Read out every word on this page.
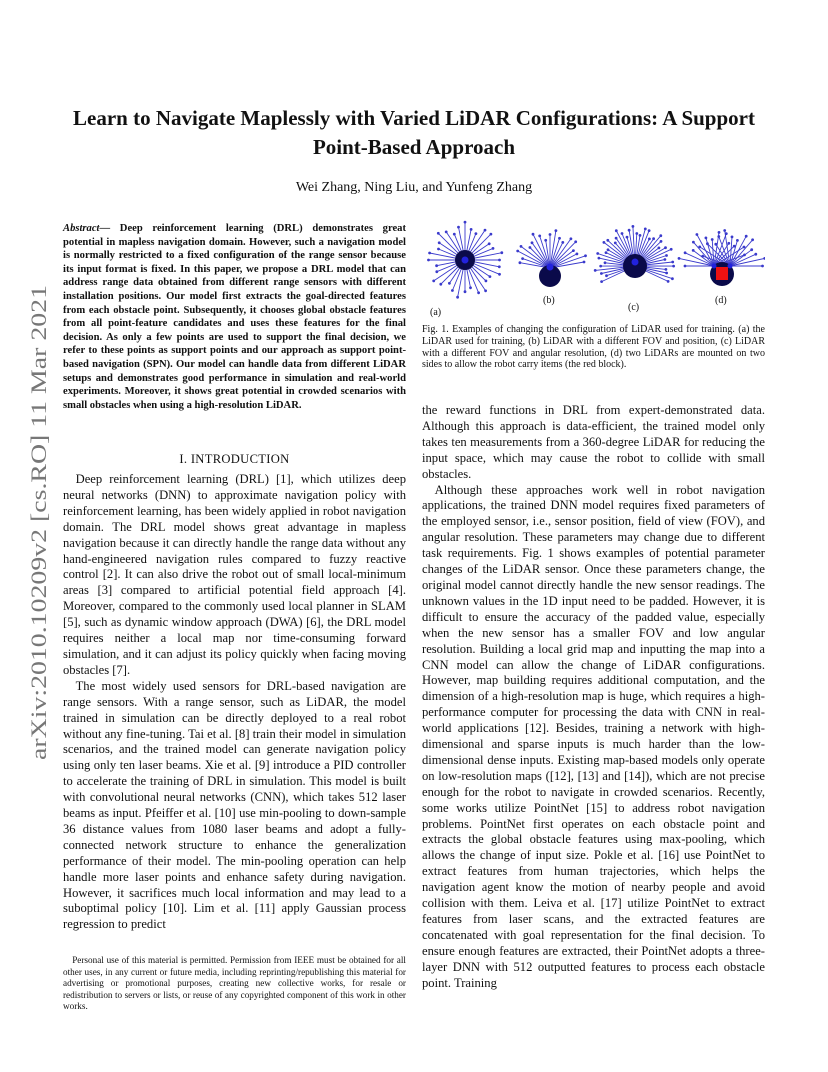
arXiv:2010.10209v2 [cs.RO] 11 Mar 2021
Learn to Navigate Maplessly with Varied LiDAR Configurations: A Support Point-Based Approach
Wei Zhang, Ning Liu, and Yunfeng Zhang
Abstract— Deep reinforcement learning (DRL) demonstrates great potential in mapless navigation domain. However, such a navigation model is normally restricted to a fixed configuration of the range sensor because its input format is fixed. In this paper, we propose a DRL model that can address range data obtained from different range sensors with different installation positions. Our model first extracts the goal-directed features from each obstacle point. Subsequently, it chooses global obstacle features from all point-feature candidates and uses these features for the final decision. As only a few points are used to support the final decision, we refer to these points as support points and our approach as support point-based navigation (SPN). Our model can handle data from different LiDAR setups and demonstrates good performance in simulation and real-world experiments. Moreover, it shows great potential in crowded scenarios with small obstacles when using a high-resolution LiDAR.
I. INTRODUCTION

Deep reinforcement learning (DRL) [1], which utilizes deep neural networks (DNN) to approximate navigation policy with reinforcement learning, has been widely applied in robot navigation domain. The DRL model shows great advantage in mapless navigation because it can directly handle the range data without any hand-engineered navigation rules compared to fuzzy reactive control [2]. It can also drive the robot out of small local-minimum areas [3] compared to artificial potential field approach [4]. Moreover, compared to the commonly used local planner in SLAM [5], such as dynamic window approach (DWA) [6], the DRL model requires neither a local map nor time-consuming forward simulation, and it can adjust its policy quickly when facing moving obstacles [7].

The most widely used sensors for DRL-based navigation are range sensors. With a range sensor, such as LiDAR, the model trained in simulation can be directly deployed to a real robot without any fine-tuning. Tai et al. [8] train their model in simulation scenarios, and the trained model can generate navigation policy using only ten laser beams. Xie et al. [9] introduce a PID controller to accelerate the training of DRL in simulation. This model is built with convolutional neural networks (CNN), which takes 512 laser beams as input. Pfeiffer et al. [10] use min-pooling to down-sample 36 distance values from 1080 laser beams and adopt a fully-connected network structure to enhance the generalization performance of their model. The min-pooling operation can help handle more laser points and enhance safety during navigation. However, it sacrifices much local information and may lead to a suboptimal policy [10]. Lim et al. [11] apply Gaussian process regression to predict

Personal use of this material is permitted. Permission from IEEE must be obtained for all other uses, in any current or future media, including reprinting/republishing this material for advertising or promotional purposes, creating new collective works, for resale or redistribution to servers or lists, or reuse of any copyrighted component of this work in other works.

(a)
(b)
(c)
(d)
Fig. 1. Examples of changing the configuration of LiDAR used for training. (a) the LiDAR used for training, (b) LiDAR with a different FOV and position, (c) LiDAR with a different FOV and angular resolution, (d) two LiDARs are mounted on two sides to allow the robot carry items (the red block).

the reward functions in DRL from expert-demonstrated data. Although this approach is data-efficient, the trained model only takes ten measurements from a 360-degree LiDAR for reducing the input space, which may cause the robot to collide with small obstacles.

Although these approaches work well in robot navigation applications, the trained DNN model requires fixed parameters of the employed sensor, i.e., sensor position, field of view (FOV), and angular resolution. These parameters may change due to different task requirements. Fig. 1 shows examples of potential parameter changes of the LiDAR sensor. Once these parameters change, the original model cannot directly handle the new sensor readings. The unknown values in the 1D input need to be padded. However, it is difficult to ensure the accuracy of the padded value, especially when the new sensor has a smaller FOV and low angular resolution. Building a local grid map and inputting the map into a CNN model can allow the change of LiDAR configurations. However, map building requires additional computation, and the dimension of a high-resolution map is huge, which requires a high-performance computer for processing the data with CNN in real-world applications [12]. Besides, training a network with high-dimensional and sparse inputs is much harder than the low-dimensional dense inputs. Existing map-based models only operate on low-resolution maps ([12], [13] and [14]), which are not precise enough for the robot to navigate in crowded scenarios. Recently, some works utilize PointNet [15] to address robot navigation problems. PointNet first operates on each obstacle point and extracts the global obstacle features using max-pooling, which allows the change of input size. Pokle et al. [16] use PointNet to extract features from human trajectories, which helps the navigation agent know the motion of nearby people and avoid collision with them. Leiva et al. [17] utilize PointNet to extract features from laser scans, and the extracted features are concatenated with goal representation for the final decision. To ensure enough features are extracted, their PointNet adopts a three-layer DNN with 512 outputted features to process each obstacle point. Training
